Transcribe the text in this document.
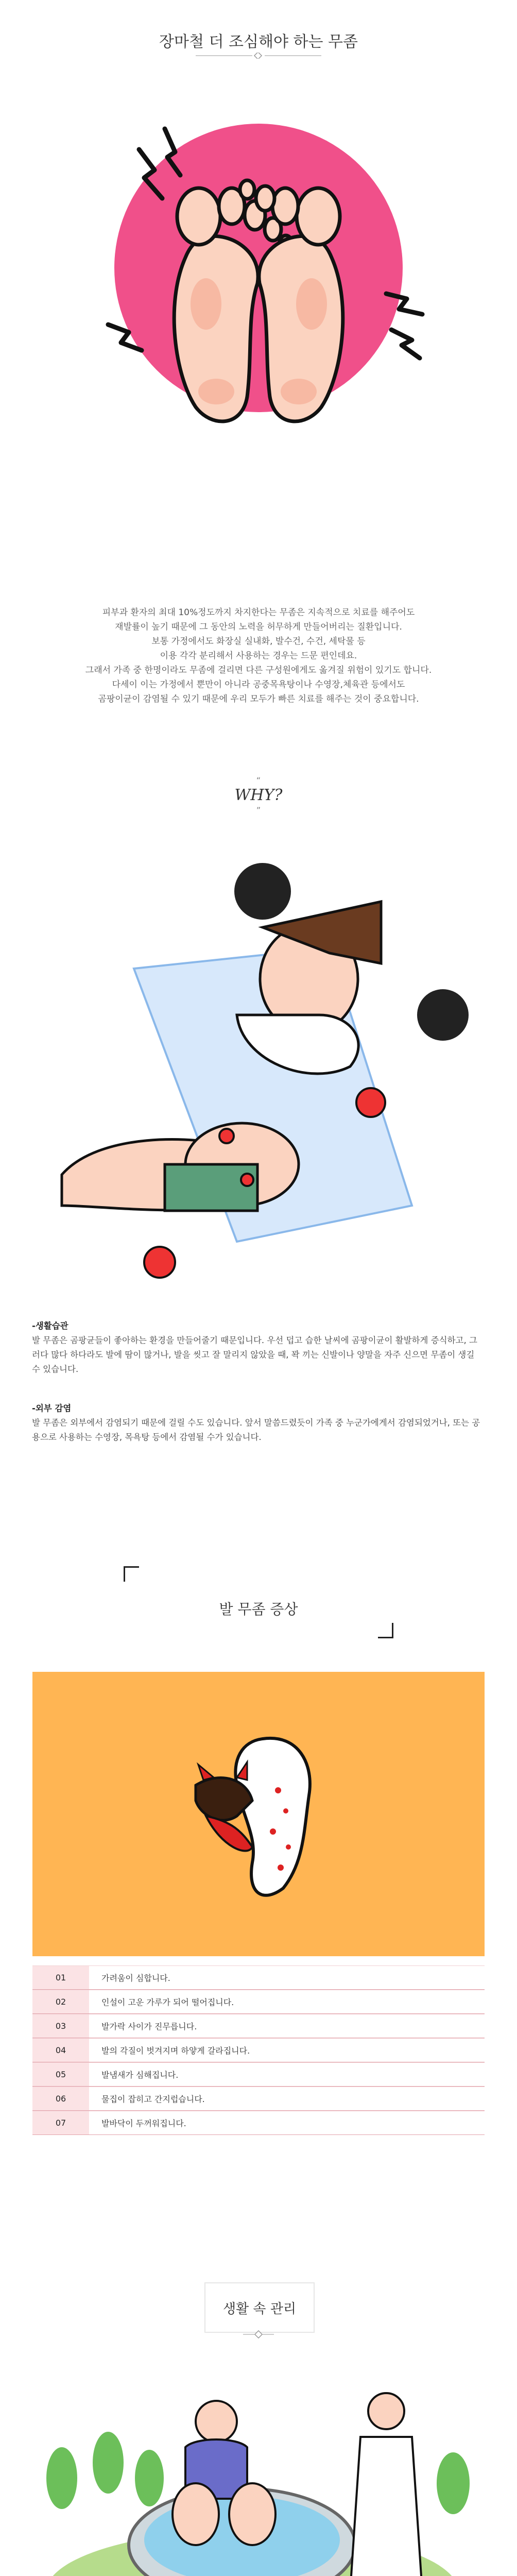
장마철 더 조심해야 하는 무좀

피부과 환자의 최대 10%정도까지 차지한다는 무좀은 지속적으로 치료를 해주어도

재발률이 높기 때문에 그 동안의 노력을 허무하게 만들어버리는 질환입니다.

보통 가정에서도 화장실 실내화, 발수건, 수건, 세탁물 등

이용 각각 분리해서 사용하는 경우는 드문 편인데요.

그래서 가족 중 한명이라도 무좀에 걸리면 다른 구성원에게도 옮겨질 위험이 있기도 합니다.

다세이 이는 가정에서 뿐만이 아니라 공중목욕탕이나 수영장,체육관 등에서도

곰팡이균이 감염될 수 있기 때문에 우리 모두가 빠른 치료를 해주는 것이 중요합니다.

“
WHY?
”

-생활습관

발 무좀은 곰팡균들이 좋아하는 환경을 만들어줄기 때문입니다. 우선 덥고 습한 날씨에 곰팡이균이 활발하게 증식하고, 그러다 많다 하다라도 발에 땀이 많거나, 발을 씻고 잘 말리지 않았을 때, 꽉 끼는 신발이나 양말을 자주 신으면 무좀이 생길 수 있습니다.

-외부 감염

발 무좀은 외부에서 감염되기 때문에 걸릴 수도 있습니다. 앞서 말씀드렸듯이 가족 중 누군가에게서 감염되었거나, 또는 공용으로 사용하는 수영장, 목욕탕 등에서 감염될 수가 있습니다.

발 무좀 증상
01	가려움이 심합니다.
02	인설이 고운 가루가 되어 떨어집니다.
03	발가락 사이가 진무릅니다.
04	발의 각질이 벗겨지며 하얗게 갈라집니다.
05	발냄새가 심해집니다.
06	물집이 잡히고 간지럽습니다.
07	발바닥이 두꺼워집니다.
생활 속 관리
